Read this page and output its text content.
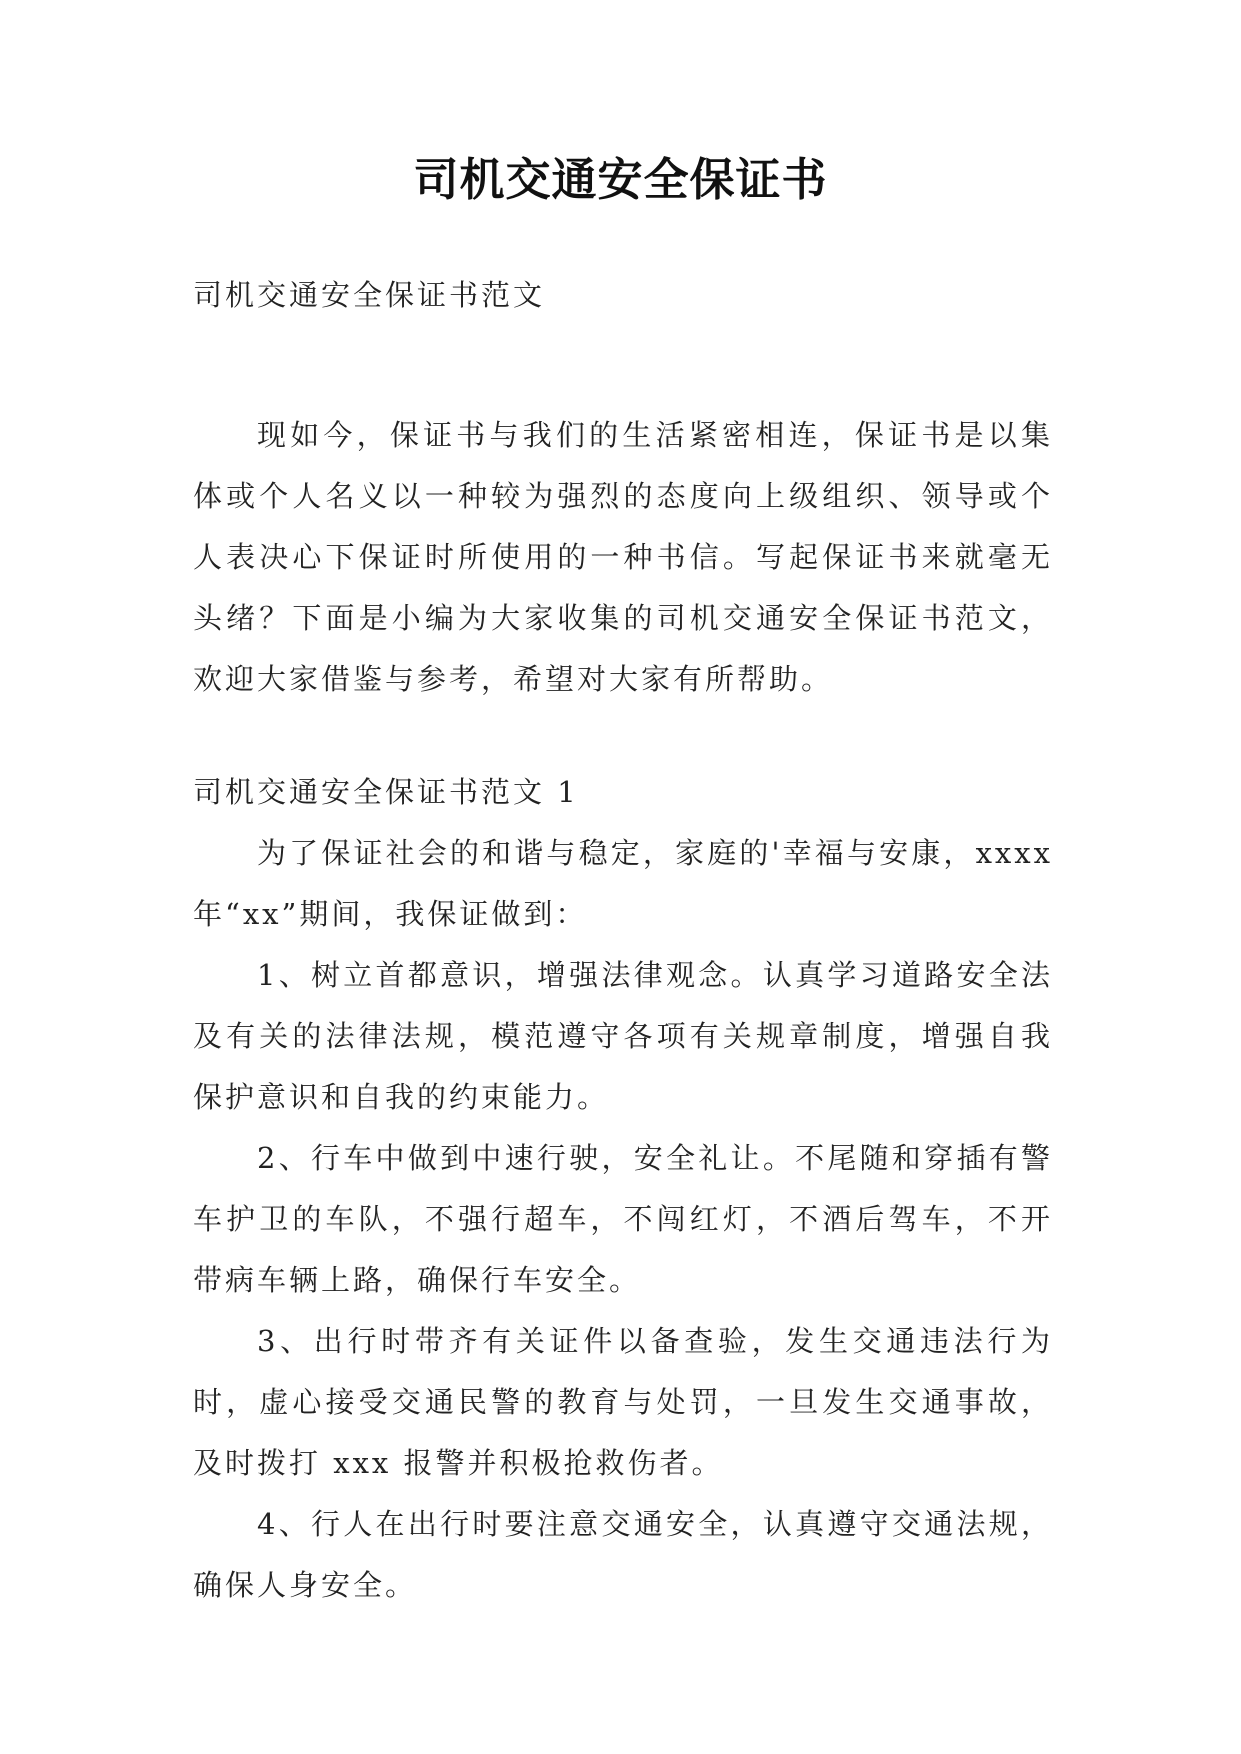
司机交通安全保证书

司机交通安全保证书范文

现如今，保证书与我们的生活紧密相连，保证书是以集体或个人名义以一种较为强烈的态度向上级组织、领导或个人表决心下保证时所使用的一种书信。写起保证书来就毫无头绪？下面是小编为大家收集的司机交通安全保证书范文，欢迎大家借鉴与参考，希望对大家有所帮助。

司机交通安全保证书范文 1

为了保证社会的和谐与稳定，家庭的'幸福与安康，xxxx 年“xx”期间，我保证做到：

1、树立首都意识，增强法律观念。认真学习道路安全法及有关的法律法规，模范遵守各项有关规章制度，增强自我保护意识和自我的约束能力。

2、行车中做到中速行驶，安全礼让。不尾随和穿插有警车护卫的车队，不强行超车，不闯红灯，不酒后驾车，不开带病车辆上路，确保行车安全。

3、出行时带齐有关证件以备查验，发生交通违法行为时，虚心接受交通民警的教育与处罚，一旦发生交通事故，及时拨打 xxx 报警并积极抢救伤者。

4、行人在出行时要注意交通安全，认真遵守交通法规，确保人身安全。
